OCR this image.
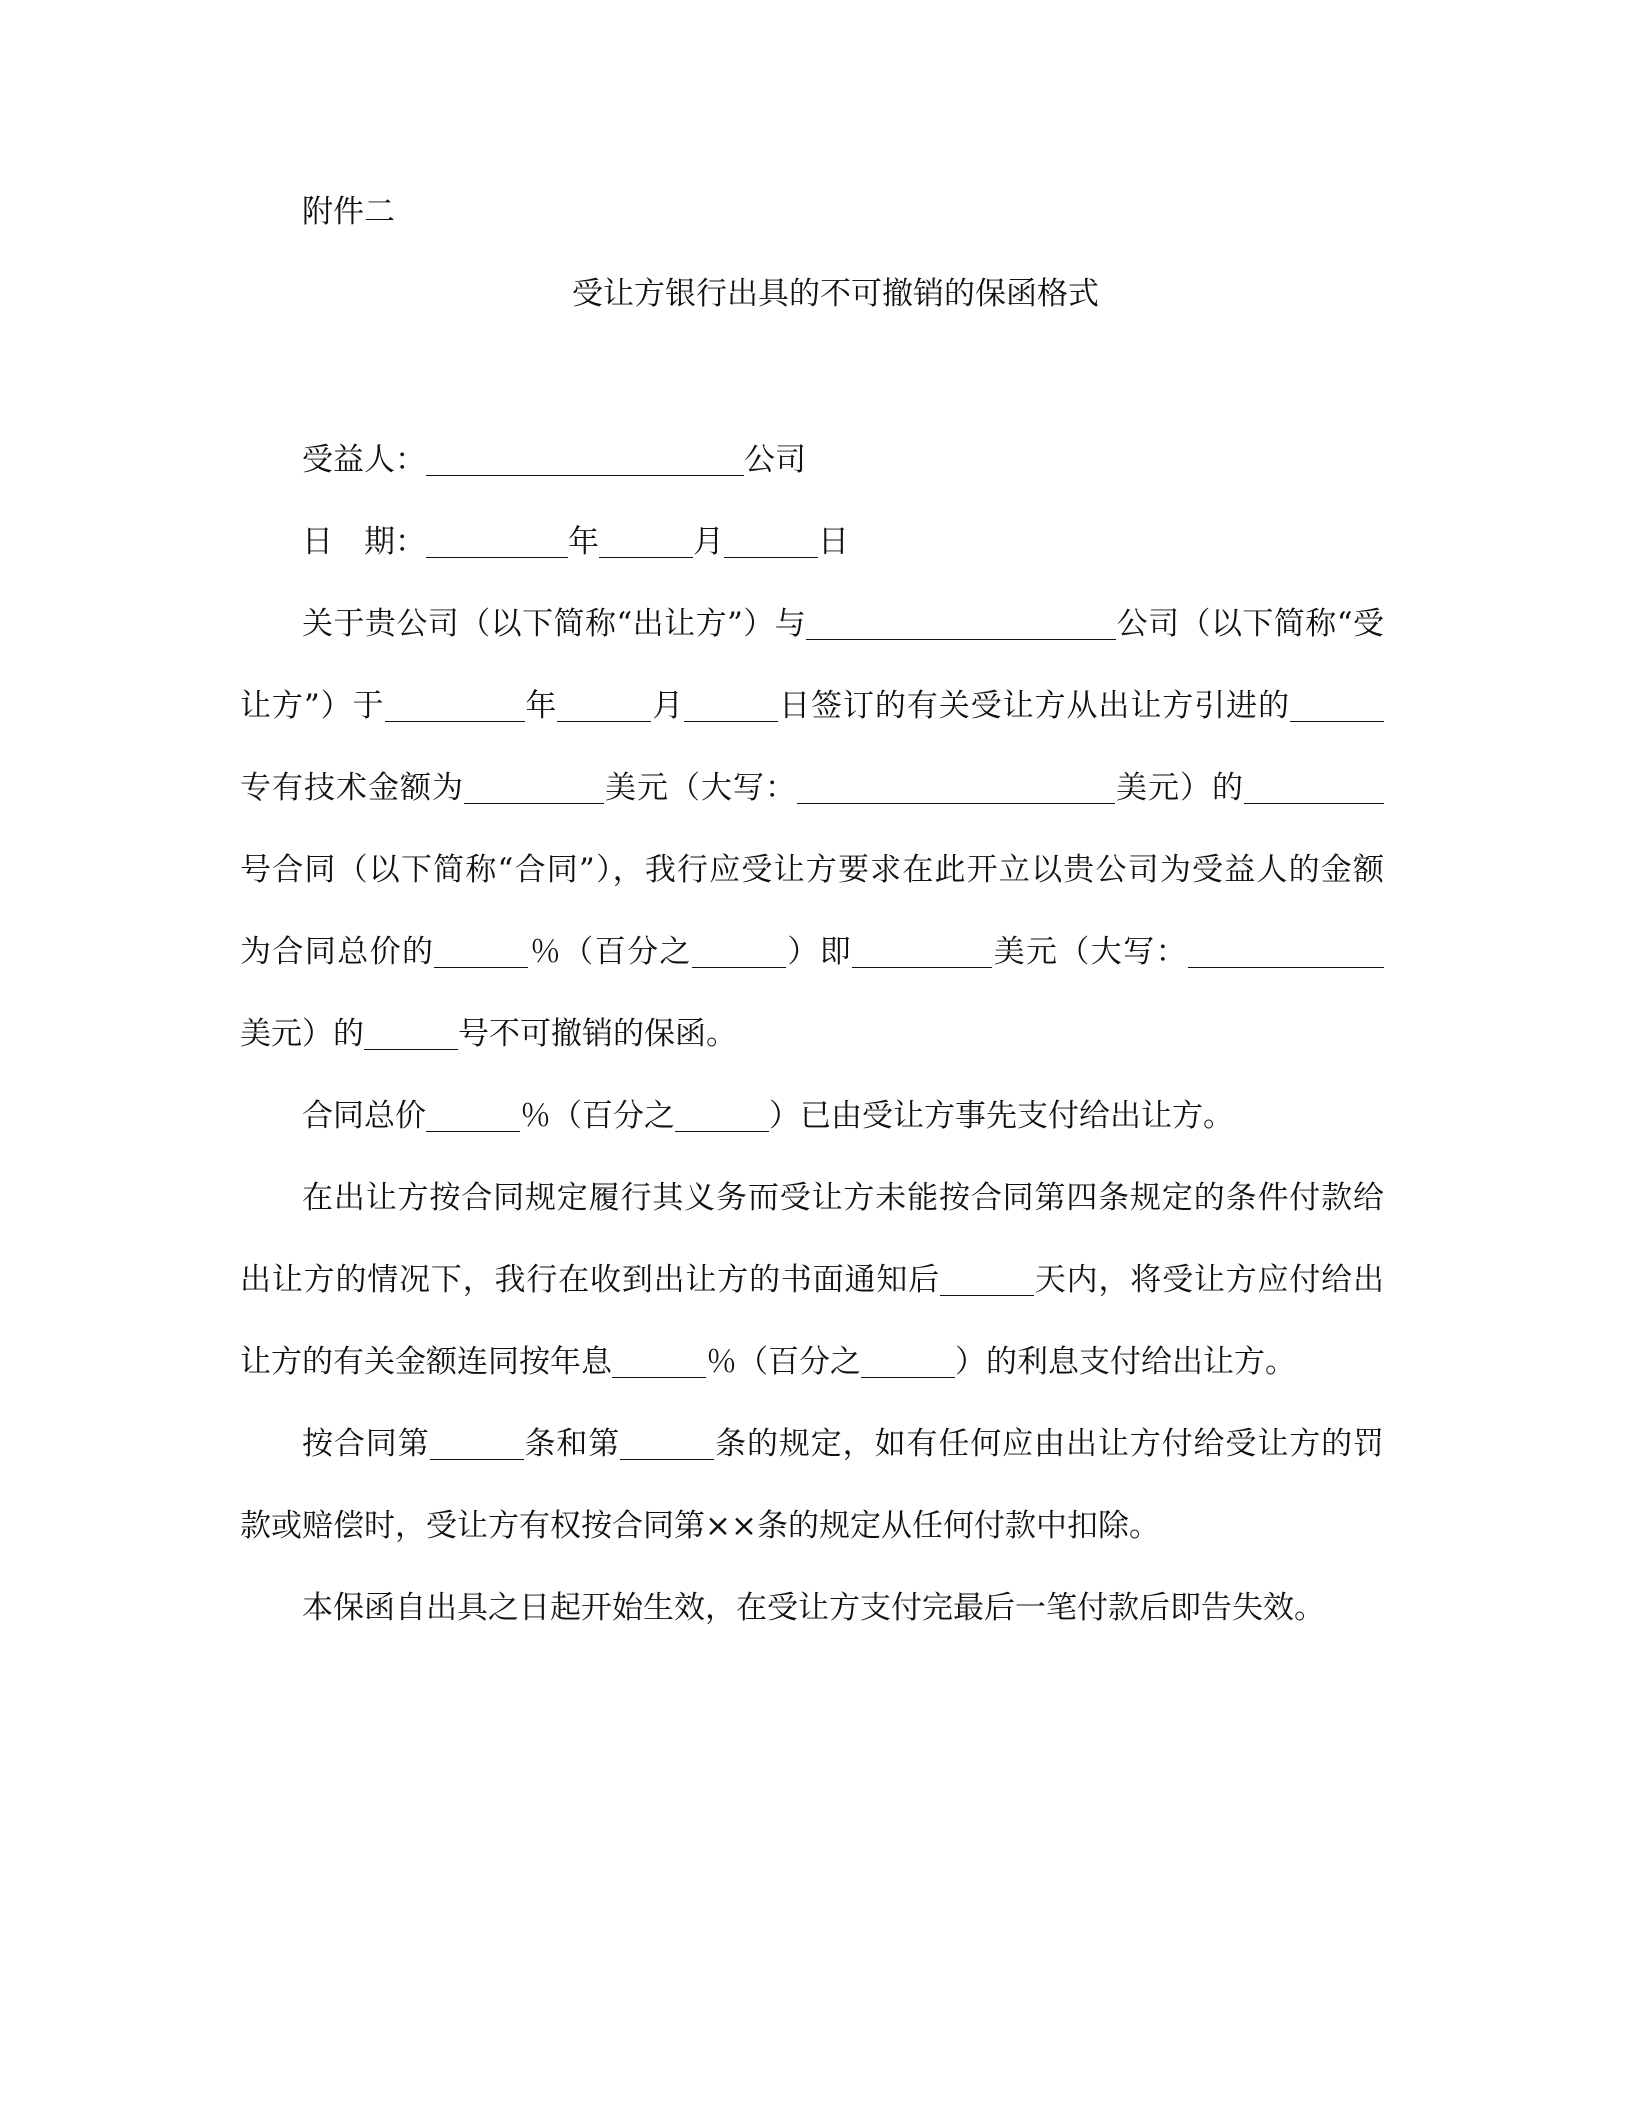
附件二
受让方银行出具的不可撤销的保函格式
受益人：	公司
日　期：	年	月	日
关于贵公司（以下简称“出让方”）与	公司（以下简称“受
让方”）于	年	月	日签订的有关受让方从出让方引进的
专有技术金额为	美元（大写：	美元）的
号合同（以下简称“合同”），我行应受让方要求在此开立以贵公司为受益人的金额
为合同总价的	％（百分之	）即	美元（大写：
美元）的	号不可撤销的保函。
合同总价	％（百分之	）已由受让方事先支付给出让方。
在出让方按合同规定履行其义务而受让方未能按合同第四条规定的条件付款给
出让方的情况下，我行在收到出让方的书面通知后	天内，将受让方应付给出
让方的有关金额连同按年息	％（百分之	）的利息支付给出让方。
按合同第	条和第	条的规定，如有任何应由出让方付给受让方的罚
款或赔偿时，受让方有权按合同第××条的规定从任何付款中扣除。
本保函自出具之日起开始生效，在受让方支付完最后一笔付款后即告失效。
